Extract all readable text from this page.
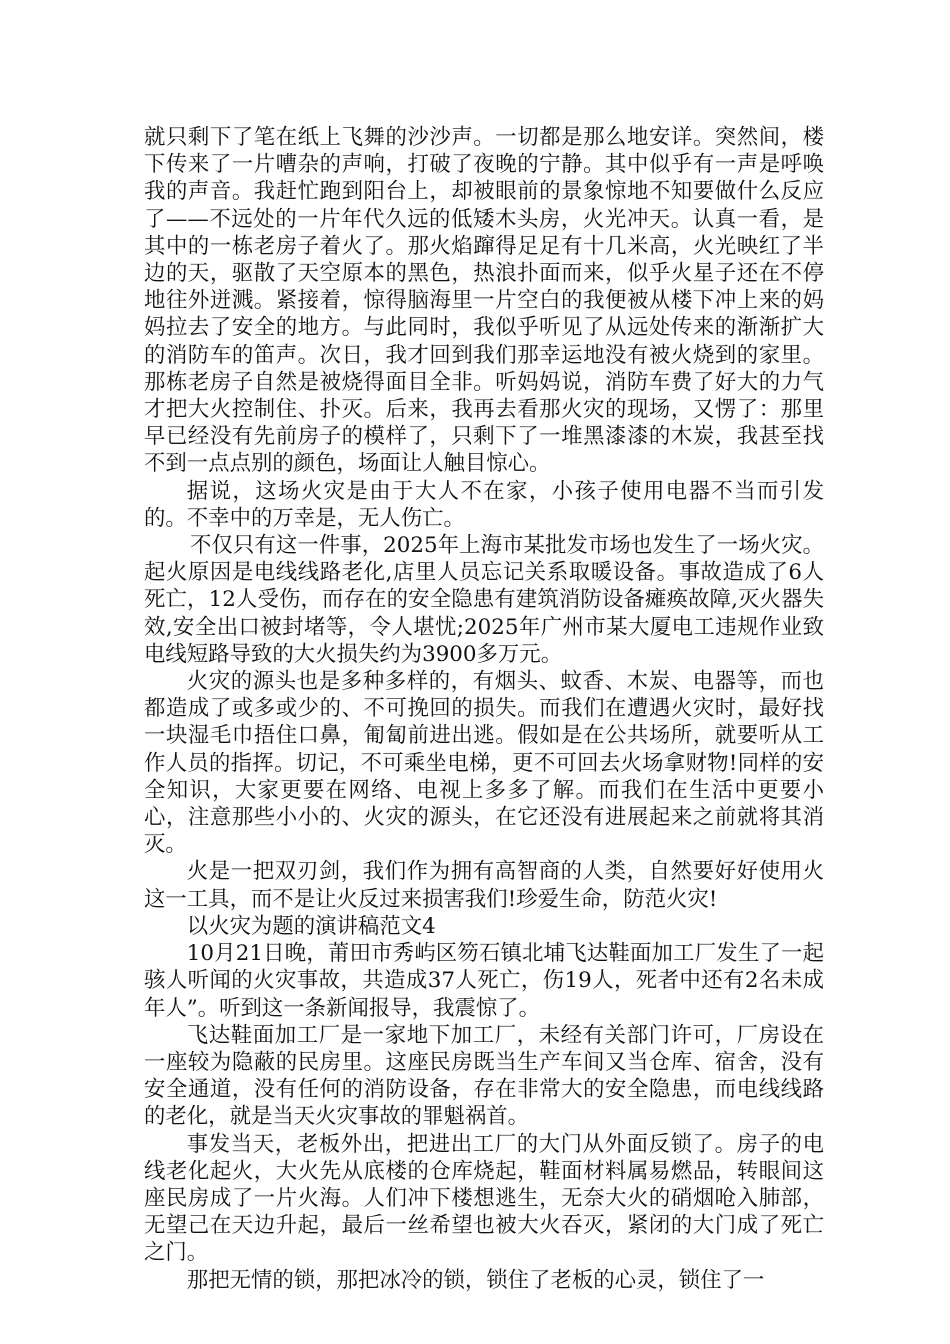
就只剩下了笔在纸上飞舞的沙沙声。一切都是那么地安详。突然间，楼下传来了一片嘈杂的声响，打破了夜晚的宁静。其中似乎有一声是呼唤我的声音。我赶忙跑到阳台上，却被眼前的景象惊地不知要做什么反应了——不远处的一片年代久远的低矮木头房，火光冲天。认真一看，是其中的一栋老房子着火了。那火焰蹿得足足有十几米高，火光映红了半边的天，驱散了天空原本的黑色，热浪扑面而来，似乎火星子还在不停地往外迸溅。紧接着，惊得脑海里一片空白的我便被从楼下冲上来的妈妈拉去了安全的地方。与此同时，我似乎听见了从远处传来的渐渐扩大的消防车的笛声。次日，我才回到我们那幸运地没有被火烧到的家里。那栋老房子自然是被烧得面目全非。听妈妈说，消防车费了好大的力气才把大火控制住、扑灭。后来，我再去看那火灾的现场，又愣了：那里早已经没有先前房子的模样了，只剩下了一堆黑漆漆的木炭，我甚至找不到一点点别的颜色，场面让人触目惊心。

据说，这场火灾是由于大人不在家，小孩子使用电器不当而引发的。不幸中的万幸是，无人伤亡。

不仅只有这一件事，2025年上海市某批发市场也发生了一场火灾。起火原因是电线线路老化,店里人员忘记关系取暖设备。事故造成了6人死亡，12人受伤，而存在的安全隐患有建筑消防设备瘫痪故障,灭火器失效,安全出口被封堵等，令人堪忧;2025年广州市某大厦电工违规作业致电线短路导致的大火损失约为3900多万元。

火灾的源头也是多种多样的，有烟头、蚊香、木炭、电器等，而也都造成了或多或少的、不可挽回的损失。而我们在遭遇火灾时，最好找一块湿毛巾捂住口鼻，匍匐前进出逃。假如是在公共场所，就要听从工作人员的指挥。切记，不可乘坐电梯，更不可回去火场拿财物!同样的安全知识，大家更要在网络、电视上多多了解。而我们在生活中更要小心，注意那些小小的、火灾的源头，在它还没有进展起来之前就将其消灭。

火是一把双刃剑，我们作为拥有高智商的人类，自然要好好使用火这一工具，而不是让火反过来损害我们!珍爱生命，防范火灾!

以火灾为题的演讲稿范文4

10月21日晚，莆田市秀屿区笏石镇北埔飞达鞋面加工厂发生了一起骇人听闻的火灾事故，共造成37人死亡，伤19人，死者中还有2名未成年人”。听到这一条新闻报导，我震惊了。

飞达鞋面加工厂是一家地下加工厂，未经有关部门许可，厂房设在一座较为隐蔽的民房里。这座民房既当生产车间又当仓库、宿舍，没有安全通道，没有任何的消防设备，存在非常大的安全隐患，而电线线路的老化，就是当天火灾事故的罪魁祸首。

事发当天，老板外出，把进出工厂的大门从外面反锁了。房子的电线老化起火，大火先从底楼的仓库烧起，鞋面材料属易燃品，转眼间这座民房成了一片火海。人们冲下楼想逃生，无奈大火的硝烟呛入肺部，无望己在天边升起，最后一丝希望也被大火吞灭，紧闭的大门成了死亡之门。

那把无情的锁，那把冰冷的锁，锁住了老板的心灵，锁住了一
